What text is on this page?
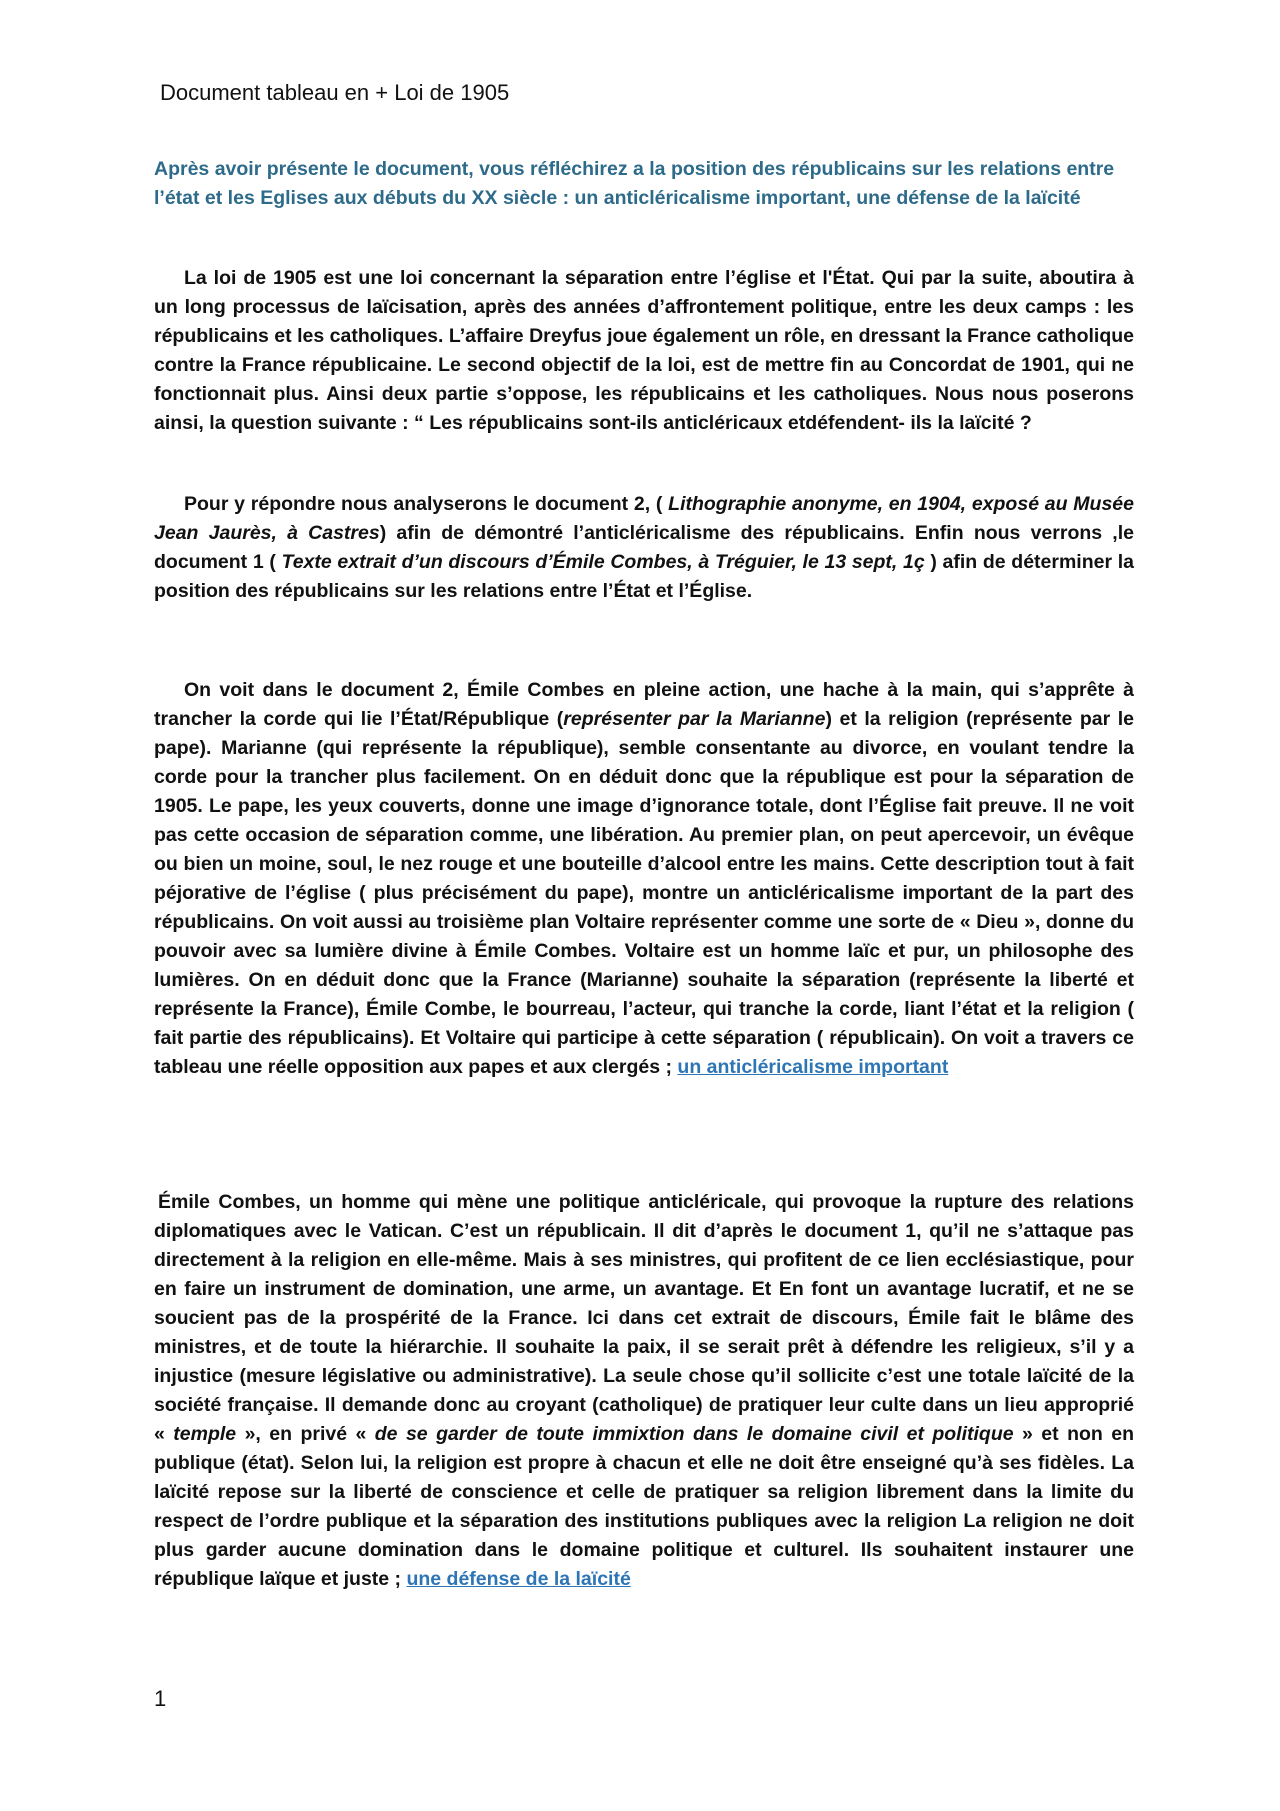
Document tableau en + Loi de 1905

Après avoir présente le document, vous réfléchirez a la position des républicains sur les relations entre l’état et les Eglises aux débuts du XX siècle : un anticléricalisme important, une défense de la laïcité

La loi de 1905 est une loi concernant la séparation entre l’église et l'État. Qui par la suite, aboutira à un long processus de laïcisation, après des années d’affrontement politique, entre les deux camps : les républicains et les catholiques. L’affaire Dreyfus joue également un rôle, en dressant la France catholique contre la France républicaine. Le second objectif de la loi, est de mettre fin au Concordat de 1901, qui ne fonctionnait plus. Ainsi deux partie s’oppose, les républicains et les catholiques. Nous nous poserons ainsi, la question suivante : “ Les républicains sont-ils anticléricaux etdéfendent- ils la laïcité ?

Pour y répondre nous analyserons le document 2, ( Lithographie anonyme, en 1904, exposé au Musée Jean Jaurès, à Castres) afin de démontré l’anticléricalisme des républicains. Enfin nous verrons ,le document 1 ( Texte extrait d’un discours d’Émile Combes, à Tréguier, le 13 sept, 1ç ) afin de déterminer la position des républicains sur les relations entre l’État et l’Église.

On voit dans le document 2, Émile Combes en pleine action, une hache à la main, qui s’apprête à trancher la corde qui lie l’État/République (représenter par la Marianne) et la religion (représente par le pape). Marianne (qui représente la république), semble consentante au divorce, en voulant tendre la corde pour la trancher plus facilement. On en déduit donc que la république est pour la séparation de 1905. Le pape, les yeux couverts, donne une image d’ignorance totale, dont l’Église fait preuve. Il ne voit pas cette occasion de séparation comme, une libération. Au premier plan, on peut apercevoir, un évêque ou bien un moine, soul, le nez rouge et une bouteille d’alcool entre les mains. Cette description tout à fait péjorative de l’église ( plus précisément du pape), montre un anticléricalisme important de la part des républicains. On voit aussi au troisième plan Voltaire représenter comme une sorte de « Dieu », donne du pouvoir avec sa lumière divine à Émile Combes. Voltaire est un homme laïc et pur, un philosophe des lumières. On en déduit donc que la France (Marianne) souhaite la séparation (représente la liberté et représente la France), Émile Combe, le bourreau, l’acteur, qui tranche la corde, liant l’état et la religion ( fait partie des républicains). Et Voltaire qui participe à cette séparation ( républicain). On voit a travers ce tableau une réelle opposition aux papes et aux clergés ; un anticléricalisme important

Émile Combes, un homme qui mène une politique anticléricale, qui provoque la rupture des relations diplomatiques avec le Vatican. C’est un républicain. Il dit d’après le document 1, qu’il ne s’attaque pas directement à la religion en elle-même. Mais à ses ministres, qui profitent de ce lien ecclésiastique, pour en faire un instrument de domination, une arme, un avantage. Et En font un avantage lucratif, et ne se soucient pas de la prospérité de la France. Ici dans cet extrait de discours, Émile fait le blâme des ministres, et de toute la hiérarchie. Il souhaite la paix, il se serait prêt à défendre les religieux, s’il y a injustice (mesure législative ou administrative). La seule chose qu’il sollicite c’est une totale laïcité de la société française. Il demande donc au croyant (catholique) de pratiquer leur culte dans un lieu approprié « temple », en privé « de se garder de toute immixtion dans le domaine civil et politique » et non en publique (état). Selon lui, la religion est propre à chacun et elle ne doit être enseigné qu’à ses fidèles. La laïcité repose sur la liberté de conscience et celle de pratiquer sa religion librement dans la limite du respect de l’ordre publique et la séparation des institutions publiques avec la religion La religion ne doit plus garder aucune domination dans le domaine politique et culturel. Ils souhaitent instaurer une république laïque et juste ; une défense de la laïcité

1
